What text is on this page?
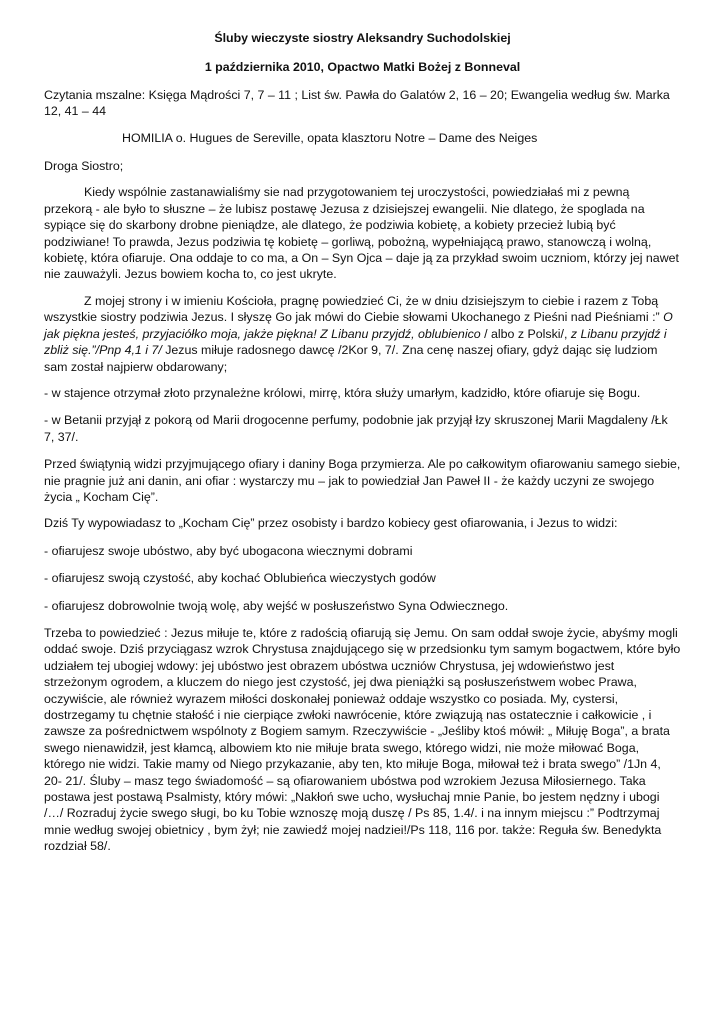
Śluby wieczyste siostry Aleksandry Suchodolskiej
1 października 2010, Opactwo Matki Bożej z Bonneval

Czytania mszalne: Księga Mądrości 7, 7 – 11 ; List św. Pawła do Galatów 2, 16 – 20; Ewangelia według św. Marka 12, 41 – 44

HOMILIA o. Hugues de Sereville, opata klasztoru Notre – Dame des Neiges

Droga Siostro;

Kiedy wspólnie zastanawialiśmy sie nad przygotowaniem tej uroczystości, powiedziałaś mi z pewną przekorą - ale było to słuszne – że lubisz postawę Jezusa z dzisiejszej ewangelii. Nie dlatego, że spoglada na sypiące się do skarbony drobne pieniądze, ale dlatego, że podziwia kobietę, a kobiety przecież lubią być podziwiane! To prawda, Jezus podziwia tę kobietę – gorliwą, pobożną, wypełniającą prawo, stanowczą i wolną, kobietę, która ofiaruje. Ona oddaje to co ma, a On – Syn Ojca – daje ją za przykład swoim uczniom, którzy jej nawet nie zauważyli. Jezus bowiem kocha to, co jest ukryte.

Z mojej strony i w imieniu Kościoła, pragnę powiedzieć Ci, że w dniu dzisiejszym to ciebie i razem z Tobą wszystkie siostry podziwia Jezus. I słyszę Go jak mówi do Ciebie słowami Ukochanego z Pieśni nad Pieśniami :” O jak piękna jesteś, przyjaciółko moja, jakże piękna! Z Libanu przyjdź, oblubienico / albo z Polski/, z Libanu przyjdź i zbliż się.”/Pnp 4,1 i 7/ Jezus miłuje radosnego dawcę /2Kor 9, 7/. Zna cenę naszej ofiary, gdyż dając się ludziom sam został najpierw obdarowany;

- w stajence otrzymał złoto przynależne królowi, mirrę, która służy umarłym, kadzidło, które ofiaruje się Bogu.

- w Betanii przyjął z pokorą od Marii drogocenne perfumy, podobnie jak przyjął łzy skruszonej Marii Magdaleny /Łk 7, 37/.

Przed świątynią widzi przyjmującego ofiary i daniny Boga przymierza. Ale po całkowitym ofiarowaniu samego siebie, nie pragnie już ani danin, ani ofiar : wystarczy mu – jak to powiedział Jan Paweł II - że każdy uczyni ze swojego życia „ Kocham Cię”.

Dziś Ty wypowiadasz to „Kocham Cię” przez osobisty i bardzo kobiecy gest ofiarowania, i Jezus to widzi:

- ofiarujesz swoje ubóstwo, aby być ubogacona wiecznymi dobrami

- ofiarujesz swoją czystość, aby kochać Oblubieńca wieczystych godów

- ofiarujesz dobrowolnie twoją wolę, aby wejść w posłuszeństwo Syna Odwiecznego.

Trzeba to powiedzieć : Jezus miłuje te, które z radością ofiarują się Jemu. On sam oddał swoje życie, abyśmy mogli oddać swoje. Dziś przyciągasz wzrok Chrystusa znajdującego się w przedsionku tym samym bogactwem, które było udziałem tej ubogiej wdowy: jej ubóstwo jest obrazem ubóstwa uczniów Chrystusa, jej wdowieństwo jest strzeżonym ogrodem, a kluczem do niego jest czystość, jej dwa pieniążki są posłuszeństwem wobec Prawa, oczywiście, ale również wyrazem miłości doskonałej ponieważ oddaje wszystko co posiada. My, cystersi, dostrzegamy tu chętnie stałość i nie cierpiące zwłoki nawrócenie, które związują nas ostatecznie i całkowicie , i zawsze za pośrednictwem wspólnoty z Bogiem samym. Rzeczywiście - „Jeśliby ktoś mówił: „ Miłuję Boga”, a brata swego nienawidził, jest kłamcą, albowiem kto nie miłuje brata swego, którego widzi, nie może miłować Boga, którego nie widzi. Takie mamy od Niego przykazanie, aby ten, kto miłuje Boga, miłował też i brata swego” /1Jn 4, 20- 21/. Śluby – masz tego świadomość – są ofiarowaniem ubóstwa pod wzrokiem Jezusa Miłosiernego. Taka postawa jest postawą Psalmisty, który mówi: „Nakłoń swe ucho, wysłuchaj mnie Panie, bo jestem nędzny i ubogi /…/ Rozraduj życie swego sługi, bo ku Tobie wznoszę moją duszę / Ps 85, 1.4/. i na innym miejscu :” Podtrzymaj mnie według swojej obietnicy , bym żył; nie zawiedź mojej nadziei!/Ps 118, 116 por. także: Reguła św. Benedykta rozdział 58/.
